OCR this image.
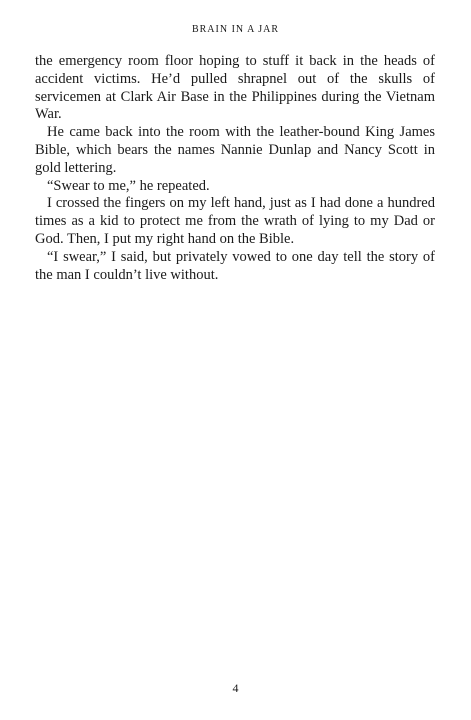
BRAIN IN A JAR

the emergency room floor hoping to stuff it back in the heads of accident victims. He’d pulled shrapnel out of the skulls of servicemen at Clark Air Base in the Philippines during the Vietnam War.

He came back into the room with the leather-bound King James Bible, which bears the names Nannie Dunlap and Nancy Scott in gold lettering.

“Swear to me,” he repeated.

I crossed the fingers on my left hand, just as I had done a hundred times as a kid to protect me from the wrath of lying to my Dad or God. Then, I put my right hand on the Bible.

“I swear,” I said, but privately vowed to one day tell the story of the man I couldn’t live without.

4
